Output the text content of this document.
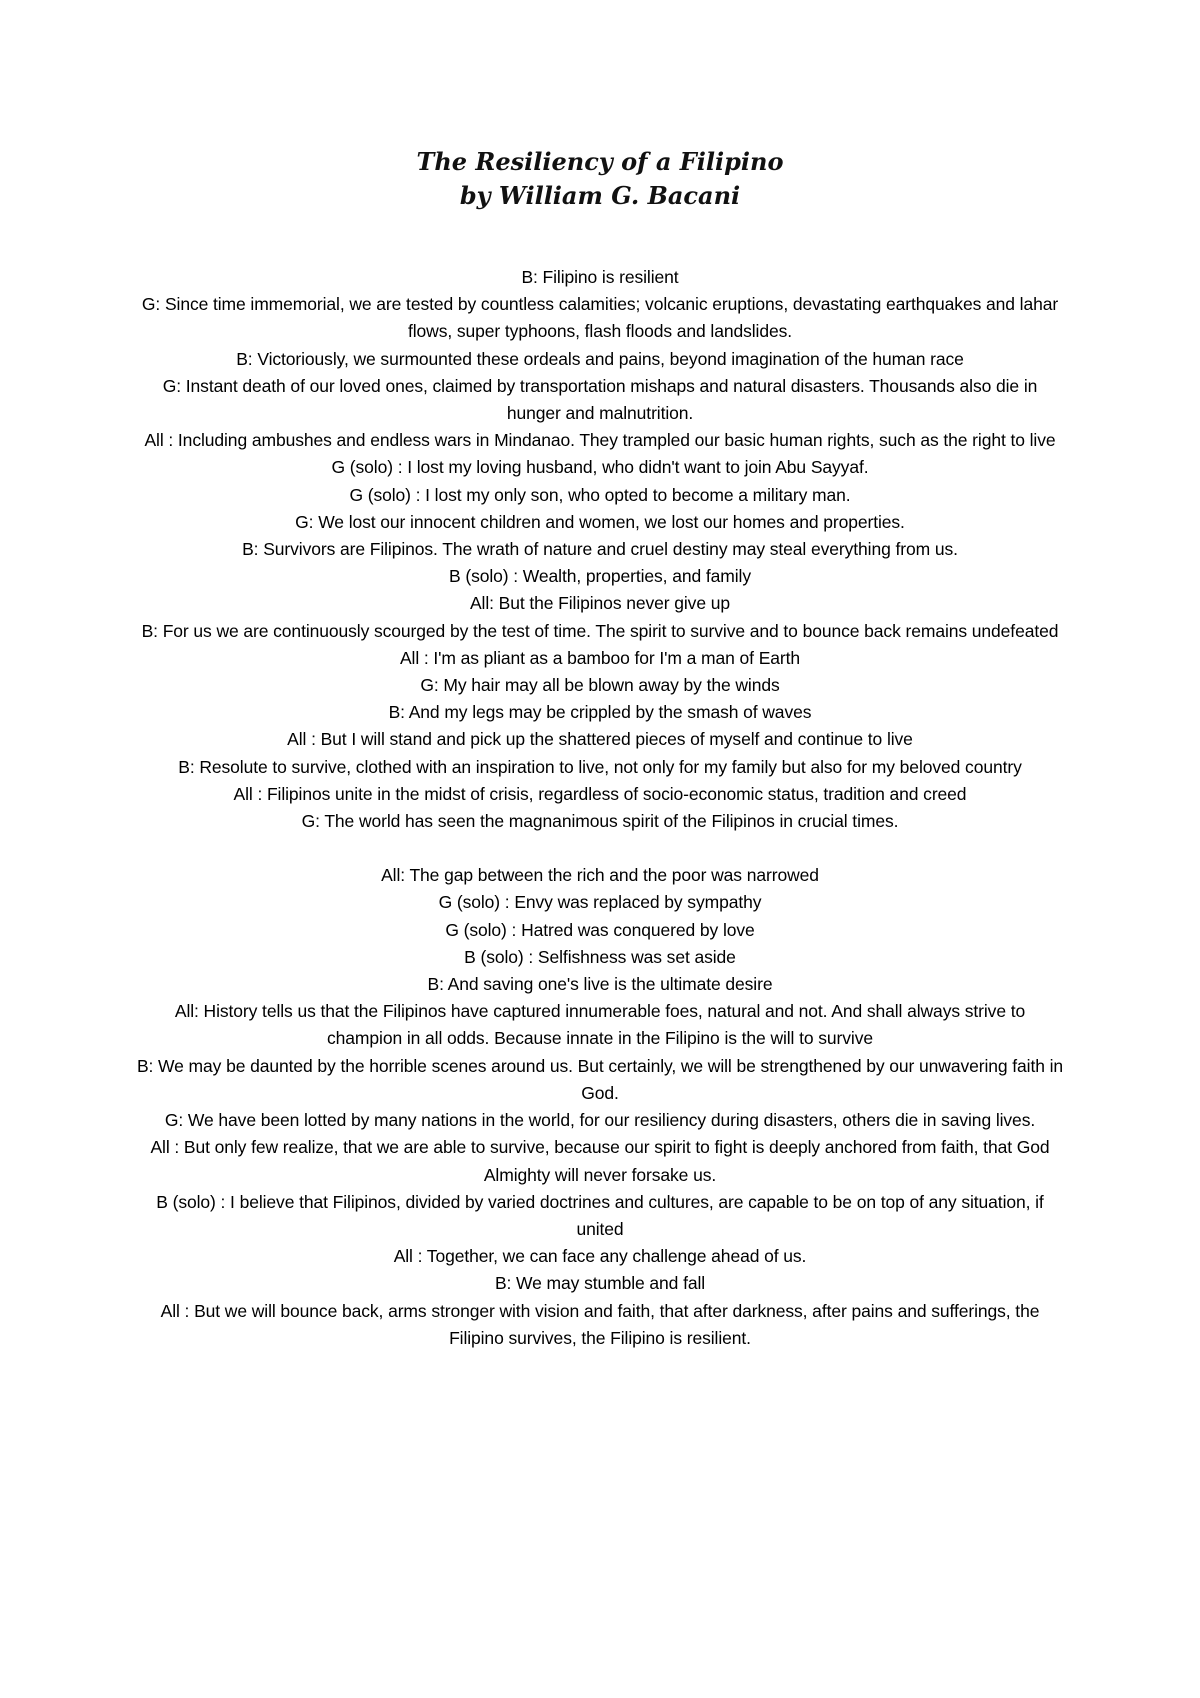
The Resiliency of a Filipino
by William G. Bacani

B: Filipino is resilient

G: Since time immemorial, we are tested by countless calamities; volcanic eruptions, devastating earthquakes and lahar flows, super typhoons, flash floods and landslides.

B: Victoriously, we surmounted these ordeals and pains, beyond imagination of the human race

G: Instant death of our loved ones, claimed by transportation mishaps and natural disasters. Thousands also die in hunger and malnutrition.

All : Including ambushes and endless wars in Mindanao. They trampled our basic human rights, such as the right to live

G (solo) : I lost my loving husband, who didn't want to join Abu Sayyaf.

G (solo) : I lost my only son, who opted to become a military man.

G: We lost our innocent children and women, we lost our homes and properties.

B: Survivors are Filipinos. The wrath of nature and cruel destiny may steal everything from us.

B (solo) : Wealth, properties, and family

All: But the Filipinos never give up

B: For us we are continuously scourged by the test of time. The spirit to survive and to bounce back remains undefeated

All : I'm as pliant as a bamboo for I'm a man of Earth

G: My hair may all be blown away by the winds

B: And my legs may be crippled by the smash of waves

All : But I will stand and pick up the shattered pieces of myself and continue to live

B: Resolute to survive, clothed with an inspiration to live, not only for my family but also for my beloved country

All : Filipinos unite in the midst of crisis, regardless of socio-economic status, tradition and creed

G: The world has seen the magnanimous spirit of the Filipinos in crucial times.

All: The gap between the rich and the poor was narrowed

G (solo) : Envy was replaced by sympathy

G (solo) : Hatred was conquered by love

B (solo) : Selfishness was set aside

B: And saving one's live is the ultimate desire

All: History tells us that the Filipinos have captured innumerable foes, natural and not. And shall always strive to champion in all odds. Because innate in the Filipino is the will to survive

B: We may be daunted by the horrible scenes around us. But certainly, we will be strengthened by our unwavering faith in God.

G: We have been lotted by many nations in the world, for our resiliency during disasters, others die in saving lives.

All : But only few realize, that we are able to survive, because our spirit to fight is deeply anchored from faith, that God Almighty will never forsake us.

B (solo) : I believe that Filipinos, divided by varied doctrines and cultures, are capable to be on top of any situation, if united

All : Together, we can face any challenge ahead of us.

B: We may stumble and fall

All : But we will bounce back, arms stronger with vision and faith, that after darkness, after pains and sufferings, the Filipino survives, the Filipino is resilient.
